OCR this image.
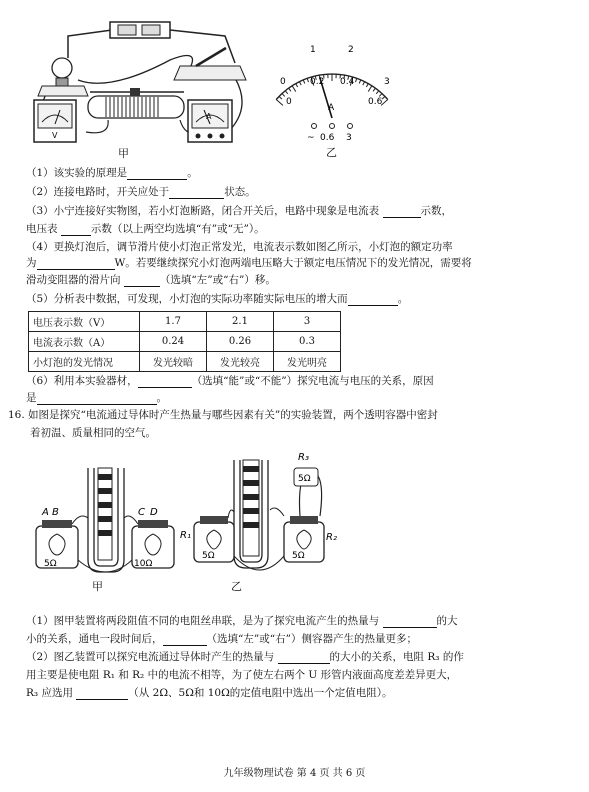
V
A
甲
A
0
1	2
3
0
0.2 0.4
0.6
~ 0.6 3
乙
（1）该实验的原理是	。
（2）连接电路时，开关应处于	状态。
（3）小宁连接好实物图，若小灯泡断路，闭合开关后，电路中现象是电流表	示数，
电压表	示数（以上两空均选填“有”或“无”）。
（4）更换灯泡后，调节滑片使小灯泡正常发光，电流表示数如图乙所示，小灯泡的额定功率
为	W。若要继续探究小灯泡两端电压略大于额定电压情况下的发光情况，需要将
滑动变阻器的滑片向	（选填“左”或“右”）移。
（5）分析表中数据，可发现，小灯泡的实际功率随实际电压的增大而	。
电压表示数（V）	1.7	2.1	3
电流表示数（A）	0.24	0.26	0.3
小灯泡的发光情况	发光较暗	发光较亮	发光明亮
（6）利用本实验器材，	（选填“能”或“不能”）探究电流与电压的关系，原因
是	。
16. 如图是探究“电流通过导体时产生热量与哪些因素有关”的实验装置，两个透明容器中密封
着初温、质量相同的空气。
A B	C D
5Ω	10Ω
甲
R₁	R₂
R₃
5Ω
5Ω	5Ω
乙
（1）图甲装置将两段阻值不同的电阻丝串联，是为了探究电流产生的热量与	的大
小的关系，通电一段时间后，	（选填“左”或“右”）侧容器产生的热量更多；
（2）图乙装置可以探究电流通过导体时产生的热量与	的大小的关系，电阻 R₃ 的作
用主要是使电阻 R₁ 和 R₂ 中的电流不相等，为了使左右两个 U 形管内液面高度差差异更大，
R₃ 应选用	（从 2Ω、5Ω和 10Ω的定值电阻中选出一个定值电阻）。
九年级物理试卷 第 4 页 共 6 页
